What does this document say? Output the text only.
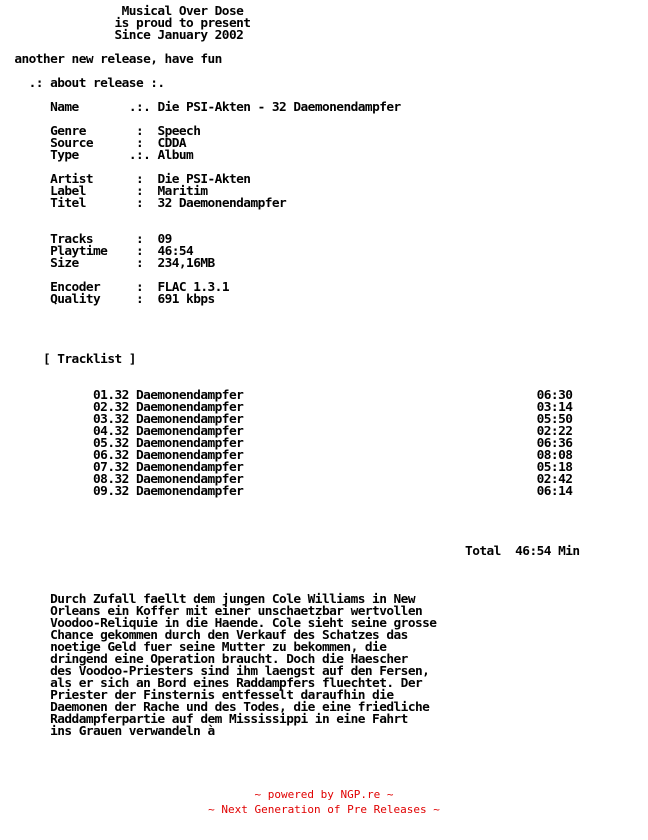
Musical Over Dose
is proud to present
Since January 2002

another new release, have fun

.: about release :.

Name	.:. Die PSI-Akten - 32 Daemonendampfer

Genre	: Speech
Source	: CDDA
Type	.:. Album

Artist	: Die PSI-Akten
Label	: Maritim
Titel	: 32 Daemonendampfer

Tracks	: 09
Playtime : 46:54
Size	: 234,16MB

Encoder	: FLAC 1.3.1
Quality	: 691 kbps

[ Tracklist ]

01.32 Daemonendampfer	06:30
02.32 Daemonendampfer	03:14
03.32 Daemonendampfer	05:50
04.32 Daemonendampfer	02:22
05.32 Daemonendampfer	06:36
06.32 Daemonendampfer	08:08
07.32 Daemonendampfer	05:18
08.32 Daemonendampfer	02:42
09.32 Daemonendampfer	06:14

Total 46:54 Min

Durch Zufall faellt dem jungen Cole Williams in New
Orleans ein Koffer mit einer unschaetzbar wertvollen
Voodoo-Reliquie in die Haende. Cole sieht seine grosse
Chance gekommen durch den Verkauf des Schatzes das
noetige Geld fuer seine Mutter zu bekommen, die
dringend eine Operation braucht. Doch die Haescher
des Voodoo-Priesters sind ihm laengst auf den Fersen,
als er sich an Bord eines Raddampfers fluechtet. Der
Priester der Finsternis entfesselt daraufhin die
Daemonen der Rache und des Todes, die eine friedliche
Raddampferpartie auf dem Mississippi in eine Fahrt
ins Grauen verwandeln à
~ powered by NGP.re ~
~ Next Generation of Pre Releases ~
